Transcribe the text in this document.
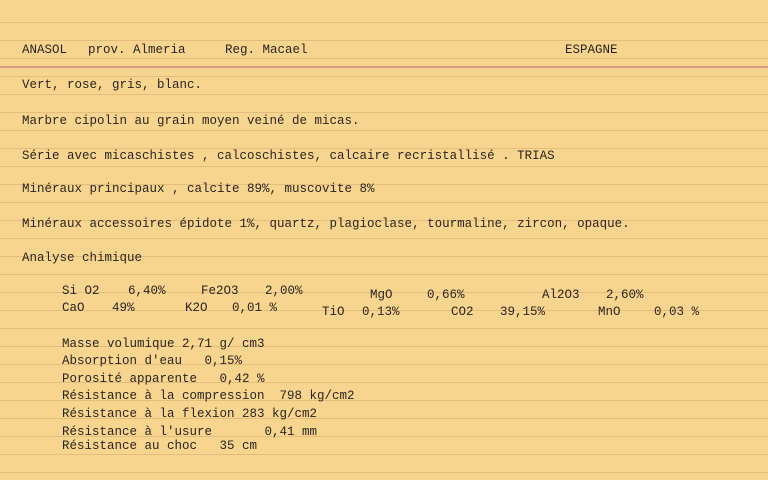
ANASOL prov. Almeria	Reg. Macael	ESPAGNE
Vert, rose, gris, blanc.
Marbre cipolin au grain moyen veiné de micas.
Série avec micaschistes , calcoschistes, calcaire recristallisé . TRIAS
Minéraux principaux , calcite 89%, muscovite 8%
Minéraux accessoires épidote 1%, quartz, plagioclase, tourmaline, zircon, opaque.
Analyse chimique
Si O2 6,40%	Fe2O3 2,00%	MgO	0,66%	Al2O3 2,60%
CaO 49%	K2O 0,01 %	TiO 0,13%	CO2 39,15%	MnO	0,03 %
Masse volumique 2,71 g/ cm3
Absorption d'eau   0,15%
Porosité apparente   0,42 %
Résistance à la compression  798 kg/cm2
Résistance à la flexion 283 kg/cm2
Résistance à l'usure       0,41 mm
Résistance au choc   35 cm
